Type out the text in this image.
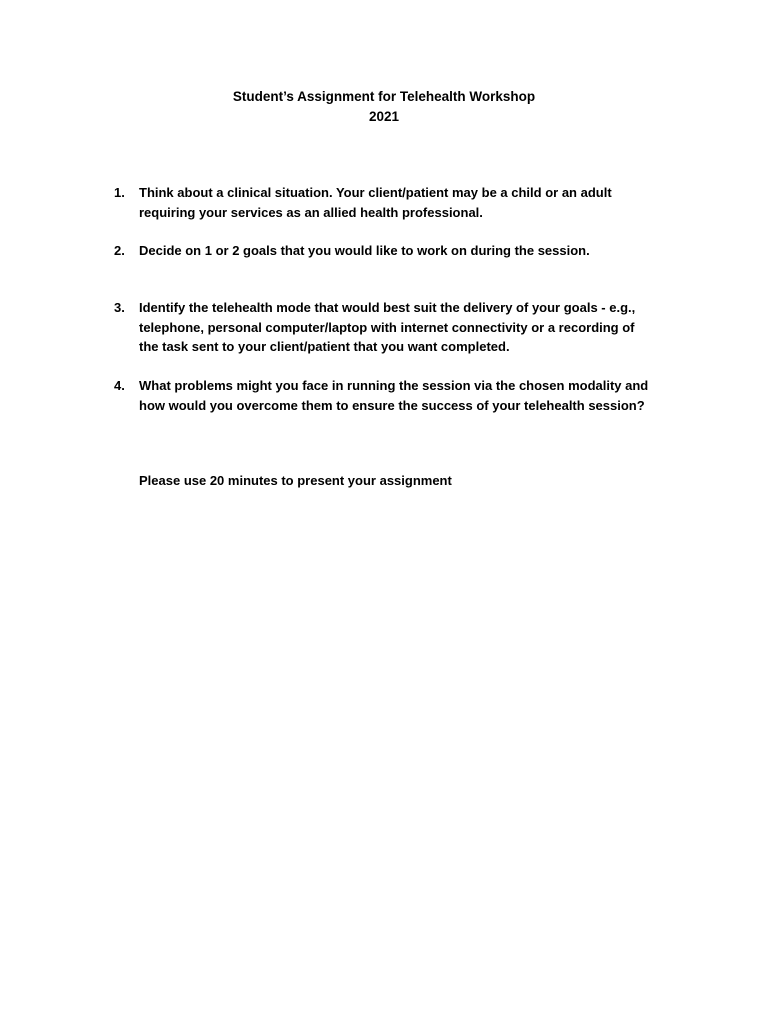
Student’s Assignment for Telehealth Workshop
2021
1.	Think about a clinical situation. Your client/patient may be a child or an adult
requiring your services as an allied health professional.
2.	Decide on 1 or 2 goals that you would like to work on during the session.
3.	Identify the telehealth mode that would best suit the delivery of your goals - e.g.,
telephone, personal computer/laptop with internet connectivity or a recording of
the task sent to your client/patient that you want completed.
4.	What problems might you face in running the session via the chosen modality and
how would you overcome them to ensure the success of your telehealth session?
Please use 20 minutes to present your assignment
